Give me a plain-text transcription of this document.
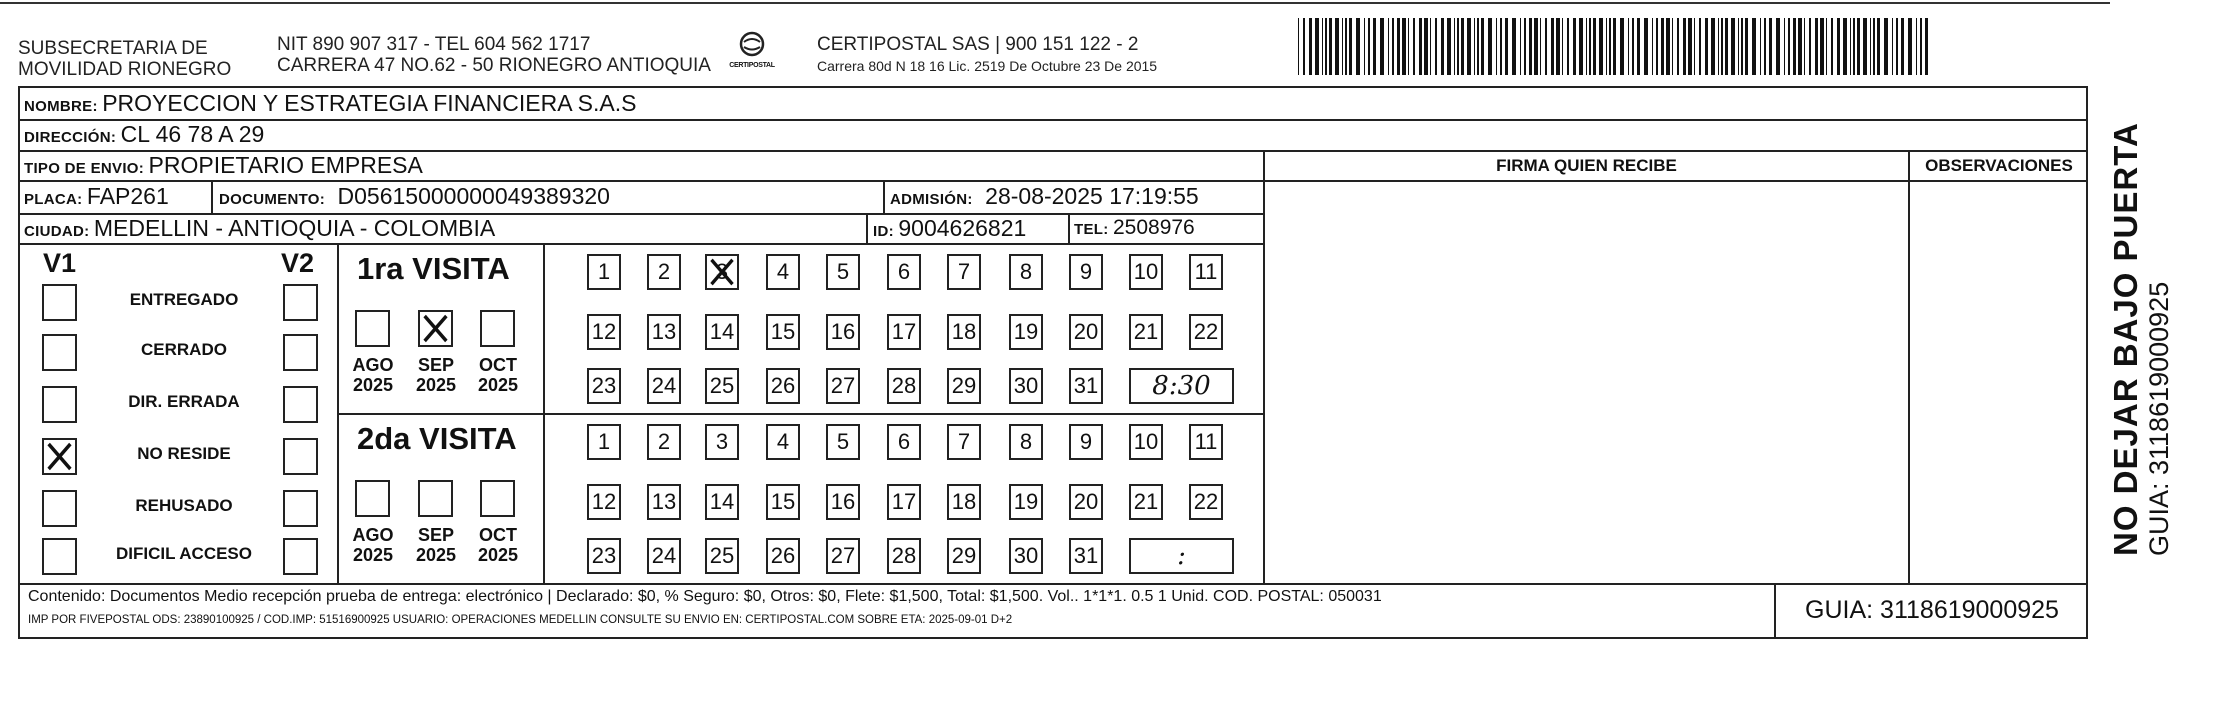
SUBSECRETARIA DE
MOVILIDAD RIONEGRO
NIT 890 907 317 - TEL 604 562 1717
CARRERA 47 NO.62 - 50 RIONEGRO ANTIOQUIA	CERTIPOSTAL
CERTIPOSTAL SAS | 900 151 122 - 2
Carrera 80d N 18 16 Lic. 2519 De Octubre 23 De 2015
NOMBRE: PROYECCION Y ESTRATEGIA FINANCIERA S.A.S
DIRECCIÓN: CL 46 78 A 29
TIPO DE ENVIO: PROPIETARIO EMPRESA
PLACA: FAP261	DOCUMENTO: D05615000000049389320	ADMISIÓN: 28-08-2025 17:19:55
CIUDAD: MEDELLIN - ANTIOQUIA - COLOMBIA	ID: 9004626821	TEL: 2508976
FIRMA QUIEN RECIBE	OBSERVACIONES
V1	V2
ENTREGADO
CERRADO
DIR. ERRADA
NO RESIDE
REHUSADO
DIFICIL ACCESO
1ra VISITA
AGO
2025
SEP
2025
OCT
2025
1 2 3 4 5 6 7 8 9 10 11
12 13 14 15 16 17 18 19 20 21 22
23 24 25 26 27 28 29 30 31	8:30
2da VISITA
AGO
2025
SEP
2025
OCT
2025
1 2 3 4 5 6 7 8 9 10 11
12 13 14 15 16 17 18 19 20 21 22
23 24 25 26 27 28 29 30 31	:
Contenido: Documentos Medio recepción prueba de entrega: electrónico | Declarado: $0, % Seguro: $0, Otros: $0, Flete: $1,500, Total: $1,500. Vol.. 1*1*1. 0.5 1 Unid. COD. POSTAL: 050031
IMP POR FIVEPOSTAL ODS: 23890100925 / COD.IMP: 51516900925 USUARIO: OPERACIONES MEDELLIN CONSULTE SU ENVIO EN: CERTIPOSTAL.COM SOBRE ETA: 2025-09-01 D+2	GUIA: 3118619000925
NO DEJAR BAJO PUERTA GUIA: 3118619000925
